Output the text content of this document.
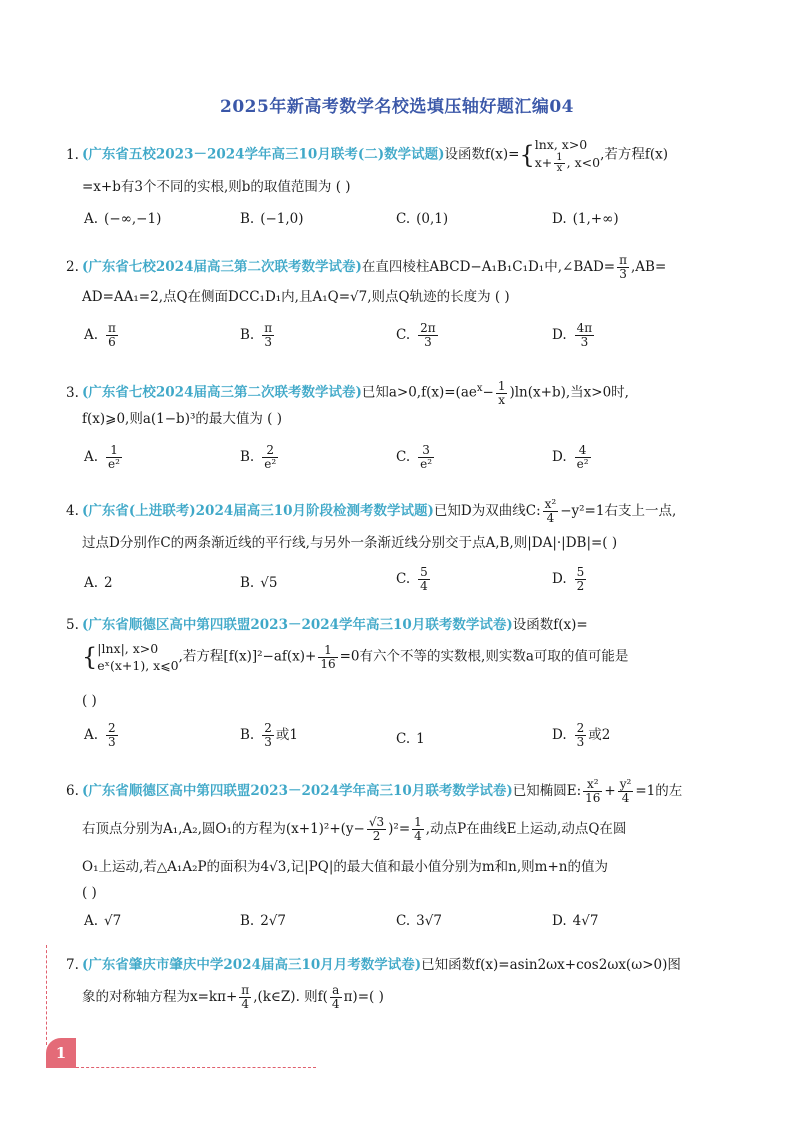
2025年新高考数学名校选填压轴好题汇编04
1. (广东省五校2023－2024学年高三10月联考(二)数学试题)设函数f(x)={ lnx, x>0
$x+ \frac{1}{x}$ , x<0 ,若方程f(x)
=x+b有3个不同的实根,则b的取值范围为 ( )
A. (−∞,−1)	B. (−1,0)	C. (0,1)	D. (1,+∞)
2. (广东省七校2024届高三第二次联考数学试卷)在直四棱柱ABCD−A₁B₁C₁D₁中,∠BAD= $\frac{\pi}{3} ,AB=$
AD=AA₁=2,点Q在侧面DCC₁D₁内,且A₁Q=√7,则点Q轨迹的长度为 ( )
A. $\frac{\pi}{6}$	B. $\frac{\pi}{3}$	C. $\frac{2\pi}{3}$	D. $\frac{4\pi}{3}$
3. (广东省七校2024届高三第二次联考数学试卷)已知$a>0,f(x)=(ae^x- \frac{1}{x} )\ln(x+b)$,当x>0时,
f(x)⩾0,则a(1−b)³的最大值为 ( )
A. $\frac{1}{\text{e²}}$	B. $\frac{2}{\text{e²}}$	C. $\frac{3}{\text{e²}}$	D. $\frac{4}{\text{e²}}$
4. (广东省(上进联考)2024届高三10月阶段检测考数学试题)已知D为双曲线C: $\frac{\text{x²}}{4} -y^2=1$右支上一点,
过点D分别作C的两条渐近线的平行线,与另外一条渐近线分别交于点A,B,则|DA|·|DB|=( )
A. 2	B. √5	C. $\frac{5}{4}$	D. $\frac{5}{2}$
5. (广东省顺德区高中第四联盟2023－2024学年高三10月联考数学试卷)设函数f(x)=
{ |lnx|, x>0
eˣ(x+1), x⩽0
,若方程$[f(x)]^2-af(x)+ \frac{1}{16} =0$有六个不等的实数根,则实数a可取的值可能是
( )
A. $\frac{2}{3}$	B. $\frac{2}{3}$ 或1	C. 1	D. $\frac{2}{3}$ 或2
6. (广东省顺德区高中第四联盟2023－2024学年高三10月联考数学试卷)已知椭圆E: $\frac{\text{x²}}{16} + \frac{\text{y²}}{4} =1$的左
右顶点分别为A₁,A₂,圆O₁的方程为$(x+1)^2+(y- \frac{√3}{2} )^2= \frac{1}{4}$ ,动点P在曲线E上运动,动点Q在圆
O₁上运动,若△A₁A₂P的面积为4√3,记|PQ|的最大值和最小值分别为m和n,则m+n的值为
( )
A. √7	B. 2√7	C. 3√7	D. 4√7
7. (广东省肇庆市肇庆中学2024届高三10月月考数学试卷)已知函数f(x)=asin2ωx+cos2ωx(ω>0)图
象的对称轴方程为$x=k\pi+ \frac{\pi}{4}$ ,(k∈Z). 则$f( \frac{a}{4} \pi)=$( )
1
